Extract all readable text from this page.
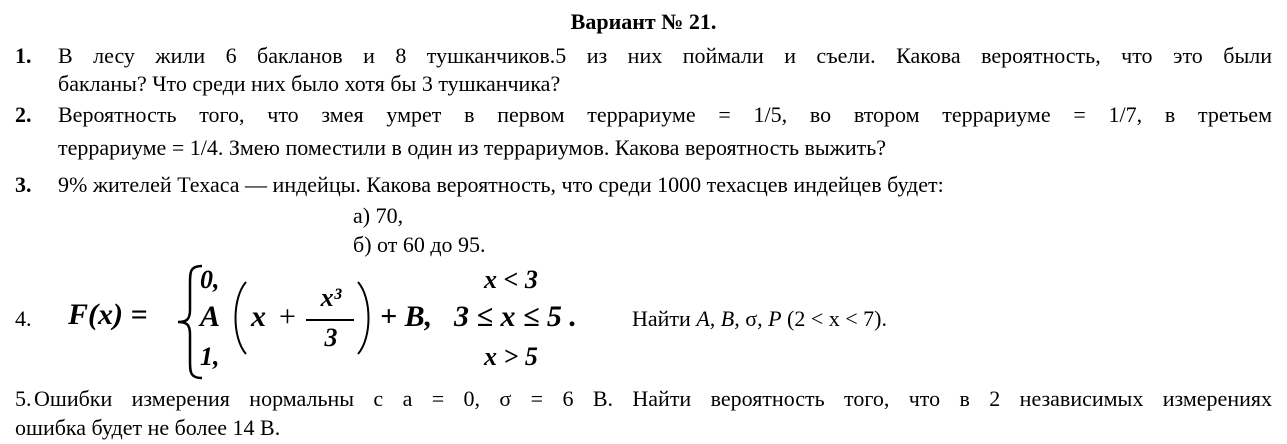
Вариант № 21.
1. В лесу жили 6 бакланов и 8 тушканчиков.5 из них поймали и съели. Какова вероятность, что это были
бакланы? Что среди них было хотя бы 3 тушканчика?
2. Вероятность того, что змея умрет в первом террариуме = 1/5, во втором террариуме = 1/7, в третьем
террариуме = 1/4. Змею поместили в один из террариумов. Какова вероятность выжить?
3. 9% жителей Техаса — индейцы. Какова вероятность, что среди 1000 техасцев индейцев будет:
а) 70,
б) от 60 до 95.
4. F(x) =
0,	x < 3
A x +
x³
3
+ B, 3 ≤ x ≤ 5 .
1,	x > 5
Найти A, B, σ, P (2 < x < 7).
5. Ошибки измерения нормальны с a = 0, σ = 6 В. Найти вероятность того, что в 2 независимых измерениях
ошибка будет не более 14 В.
